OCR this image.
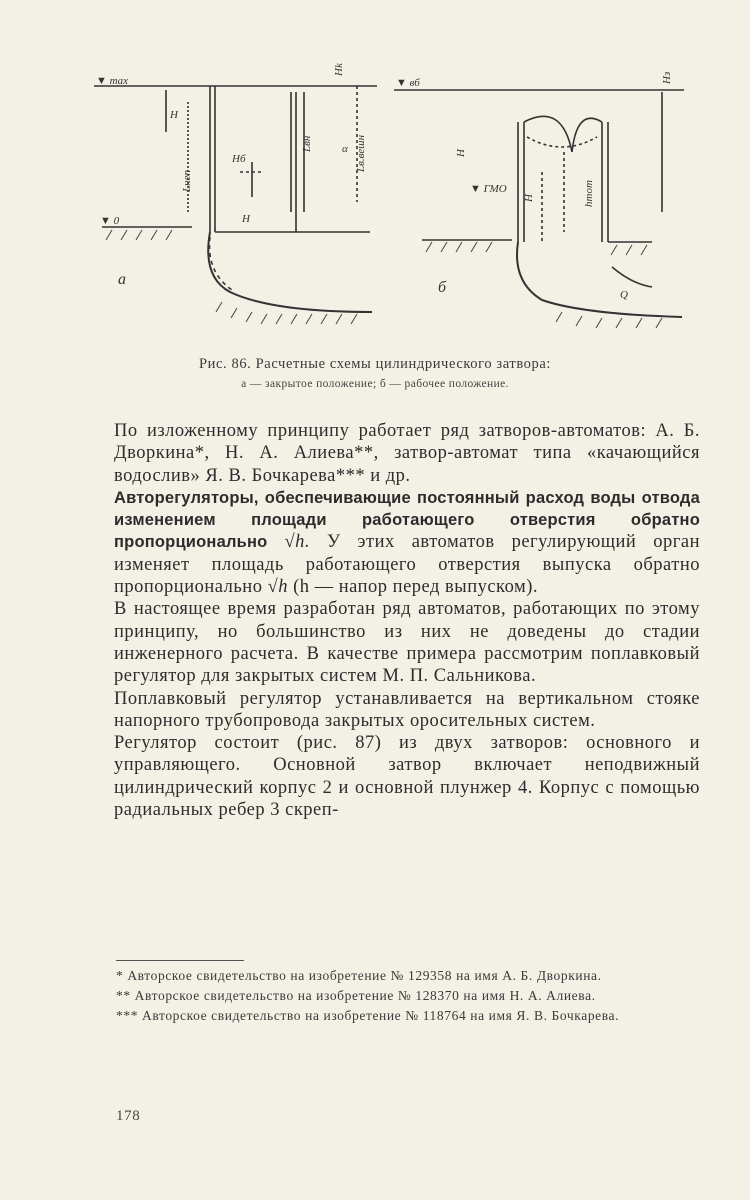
▼ max
▼ 0
H
Hб
Lвн
Lнеп
Hk
Lв.вешн
α
H
а
▼ вб
▼ ГМО
H
Hз
hтот
H
Q
б
Рис. 86. Расчетные схемы цилиндрического затвора:
а — закрытое положение; б — рабочее положение.

По изложенному принципу работает ряд затворов-автоматов: А. Б. Дворкина*, Н. А. Алиева**, затвор-автомат типа «качающийся водослив» Я. В. Бочкарева*** и др.

Авторегуляторы, обеспечивающие постоянный расход воды отвода изменением площади работающего отверстия обратно пропорционально √h. У этих автоматов регулирующий орган изменяет площадь работающего отверстия выпуска обратно пропорционально √h (h — напор перед выпуском).

В настоящее время разработан ряд автоматов, работающих по этому принципу, но большинство из них не доведены до стадии инженерного расчета. В качестве примера рассмотрим поплавковый регулятор для закрытых систем М. П. Сальникова.

Поплавковый регулятор устанавливается на вертикальном стояке напорного трубопровода закрытых оросительных систем.

Регулятор состоит (рис. 87) из двух затворов: основного и управляющего. Основной затвор включает неподвижный цилиндрический корпус 2 и основной плунжер 4. Корпус с помощью радиальных ребер 3 скреп-

* Авторское свидетельство на изобретение № 129358 на имя А. Б. Дворкина.

** Авторское свидетельство на изобретение № 128370 на имя Н. А. Алиева.

*** Авторское свидетельство на изобретение № 118764 на имя Я. В. Бочкарева.

178
